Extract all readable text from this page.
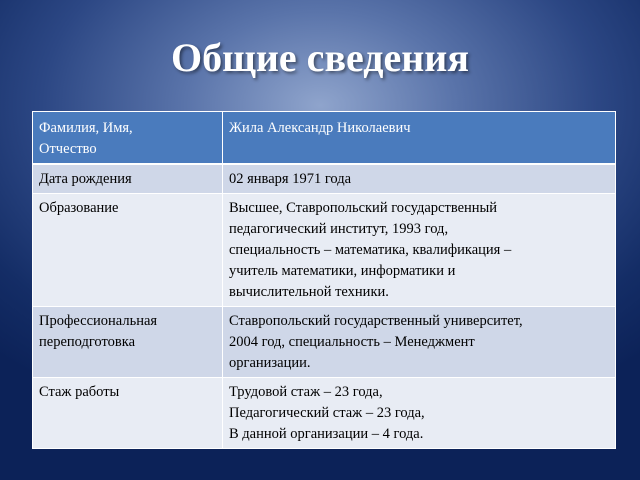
Общие сведения
Фамилия, Имя,
Отчество	Жила Александр Николаевич

Дата рождения	02 января 1971 года

Образование	Высшее, Ставропольский государственный
педагогический институт, 1993 год,
специальность – математика, квалификация –
учитель математики, информатики и
вычислительной техники.

Профессиональная
переподготовка	Ставропольский государственный университет,
2004 год, специальность – Менеджмент
организации.

Стаж работы	Трудовой стаж – 23 года,
Педагогический стаж – 23 года,
В данной организации – 4 года.
